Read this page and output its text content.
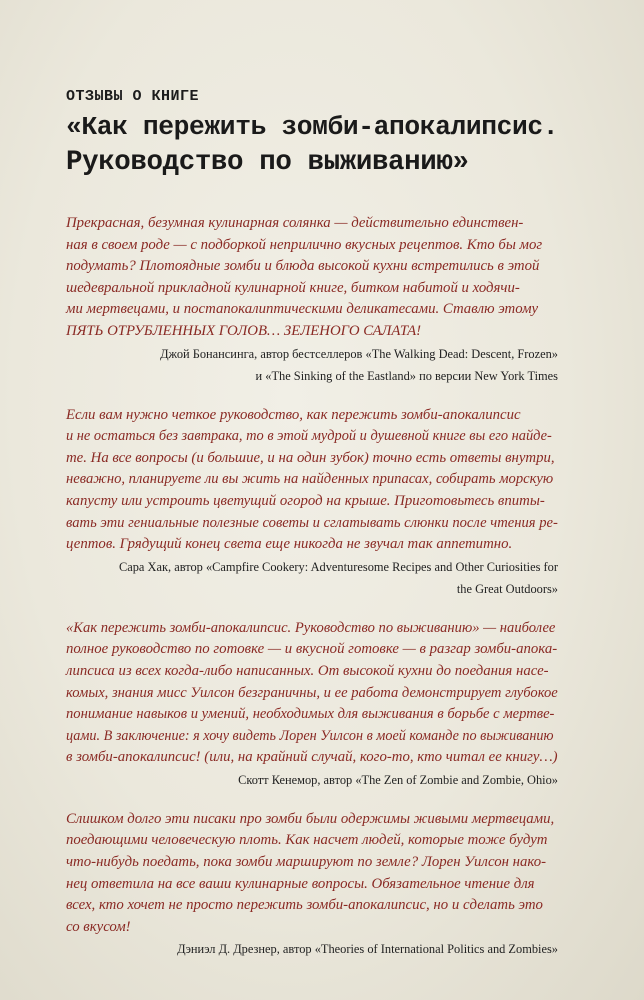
ОТЗЫВЫ О КНИГЕ
«Как пережить зомби-апокалипсис.
Руководство по выживанию»
Прекрасная, безумная кулинарная солянка — действительно единствен-
ная в своем роде — с подборкой неприлично вкусных рецептов. Кто бы мог
подумать? Плотоядные зомби и блюда высокой кухни встретились в этой
шедевральной прикладной кулинарной книге, битком набитой и ходячи-
ми мертвецами, и постапокалиптическими деликатесами. Ставлю этому
ПЯТЬ ОТРУБЛЕННЫХ ГОЛОВ… ЗЕЛЕНОГО САЛАТА!
Джой Бонансинга, автор бестселлеров «The Walking Dead: Descent, Frozen»
и «The Sinking of the Eastland» по версии New York Times
Если вам нужно четкое руководство, как пережить зомби-апокалипсис
и не остаться без завтрака, то в этой мудрой и душевной книге вы его найде-
те. На все вопросы (и большие, и на один зубок) точно есть ответы внутри,
неважно, планируете ли вы жить на найденных припасах, собирать морскую
капусту или устроить цветущий огород на крыше. Приготовьтесь впиты-
вать эти гениальные полезные советы и сглатывать слюнки после чтения ре-
цептов. Грядущий конец света еще никогда не звучал так аппетитно.
Сара Хак, автор «Campfire Cookery: Adventuresome Recipes and Other Curiosities for
the Great Outdoors»
«Как пережить зомби-апокалипсис. Руководство по выживанию» — наиболее
полное руководство по готовке — и вкусной готовке — в разгар зомби-апока-
липсиса из всех когда-либо написанных. От высокой кухни до поедания насе-
комых, знания мисс Уилсон безграничны, и ее работа демонстрирует глубокое
понимание навыков и умений, необходимых для выживания в борьбе с мертве-
цами. В заключение: я хочу видеть Лорен Уилсон в моей команде по выживанию
в зомби-апокалипсис! (или, на крайний случай, кого-то, кто читал ее книгу…)
Скотт Кенемор, автор «The Zen of Zombie and Zombie, Ohio»
Слишком долго эти писаки про зомби были одержимы живыми мертвецами,
поедающими человеческую плоть. Как насчет людей, которые тоже будут
что-нибудь поедать, пока зомби маршируют по земле? Лорен Уилсон нако-
нец ответила на все ваши кулинарные вопросы. Обязательное чтение для
всех, кто хочет не просто пережить зомби-апокалипсис, но и сделать это
со вкусом!
Дэниэл Д. Дрезнер, автор «Theories of International Politics and Zombies»
